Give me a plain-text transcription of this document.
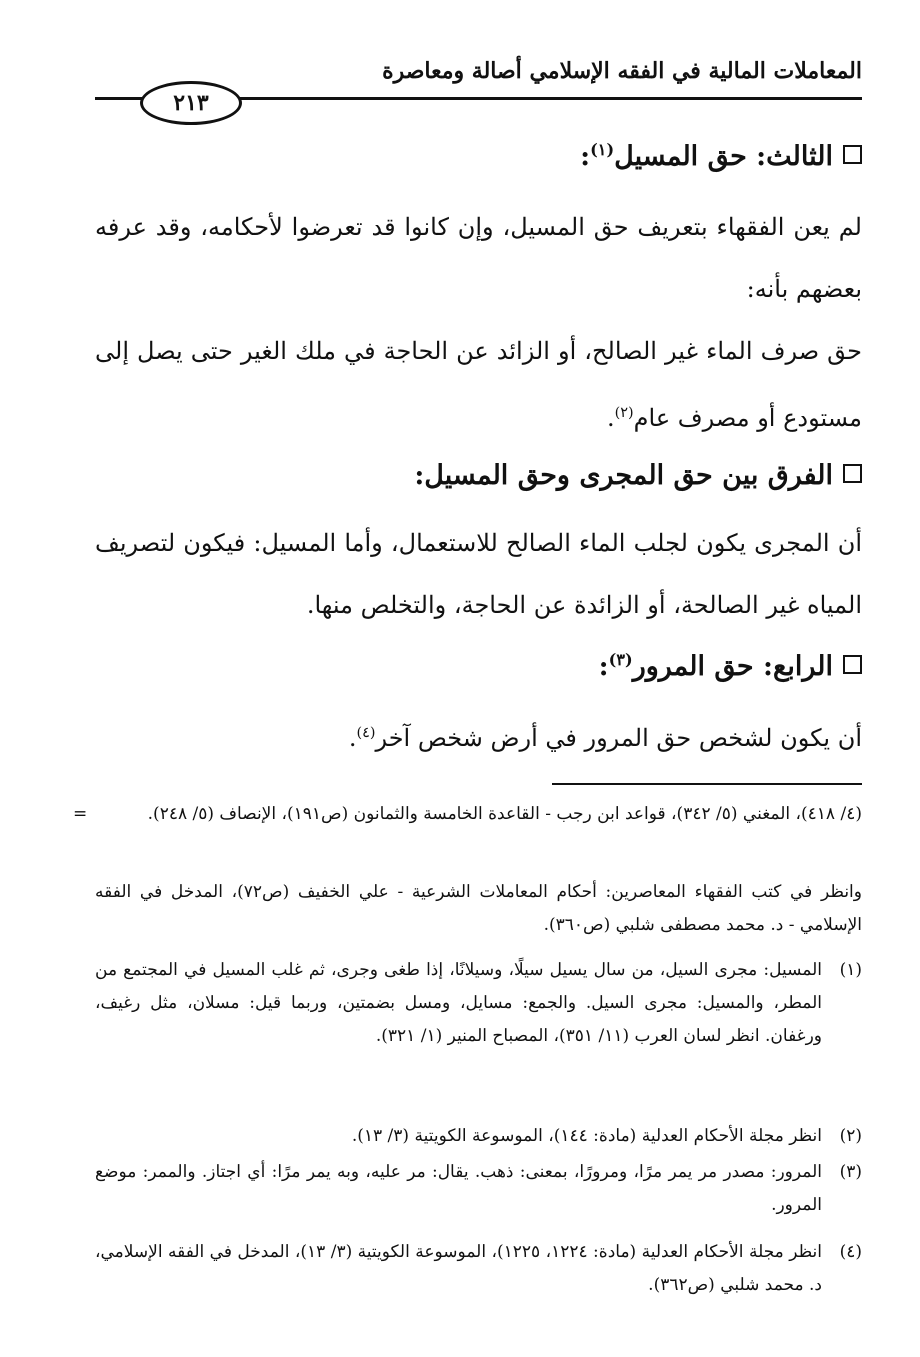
المعاملات المالية في الفقه الإسلامي أصالة ومعاصرة
٢١٣
الثالث: حق المسيل$^{(١)}$:
لم يعن الفقهاء بتعريف حق المسيل، وإن كانوا قد تعرضوا لأحكامه، وقد عرفه بعضهم بأنه:
حق صرف الماء غير الصالح، أو الزائد عن الحاجة في ملك الغير حتى يصل إلى مستودع أو مصرف عام$^{(٢)}$.
الفرق بين حق المجرى وحق المسيل:
أن المجرى يكون لجلب الماء الصالح للاستعمال، وأما المسيل: فيكون لتصريف المياه غير الصالحة، أو الزائدة عن الحاجة، والتخلص منها.
الرابع: حق المرور$^{(٣)}$:
أن يكون لشخص حق المرور في أرض شخص آخر$^{(٤)}$.
=	(٤/ ٤١٨)، المغني (٥/ ٣٤٢)، قواعد ابن رجب - القاعدة الخامسة والثمانون (ص١٩١)، الإنصاف (٥/ ٢٤٨).
وانظر في كتب الفقهاء المعاصرين: أحكام المعاملات الشرعية - علي الخفيف (ص٧٢)، المدخل في الفقه الإسلامي - د. محمد مصطفى شلبي (ص٣٦٠).
(١)
المسيل: مجرى السيل، من سال يسيل سيلًا، وسيلانًا، إذا طغى وجرى، ثم غلب المسيل في المجتمع من المطر، والمسيل: مجرى السيل. والجمع: مسايل، ومسل بضمتين، وربما قيل: مسلان، مثل رغيف، ورغفان. انظر لسان العرب (١١/ ٣٥١)، المصباح المنير (١/ ٣٢١).
(٢)
انظر مجلة الأحكام العدلية (مادة: ١٤٤)، الموسوعة الكويتية (٣/ ١٣).
(٣)
المرور: مصدر مر يمر مرًا، ومرورًا، بمعنى: ذهب. يقال: مر عليه، وبه يمر مرًا: أي اجتاز. والممر: موضع المرور.
(٤)
انظر مجلة الأحكام العدلية (مادة: ١٢٢٤، ١٢٢٥)، الموسوعة الكويتية (٣/ ١٣)، المدخل في الفقه الإسلامي، د. محمد شلبي (ص٣٦٢).
